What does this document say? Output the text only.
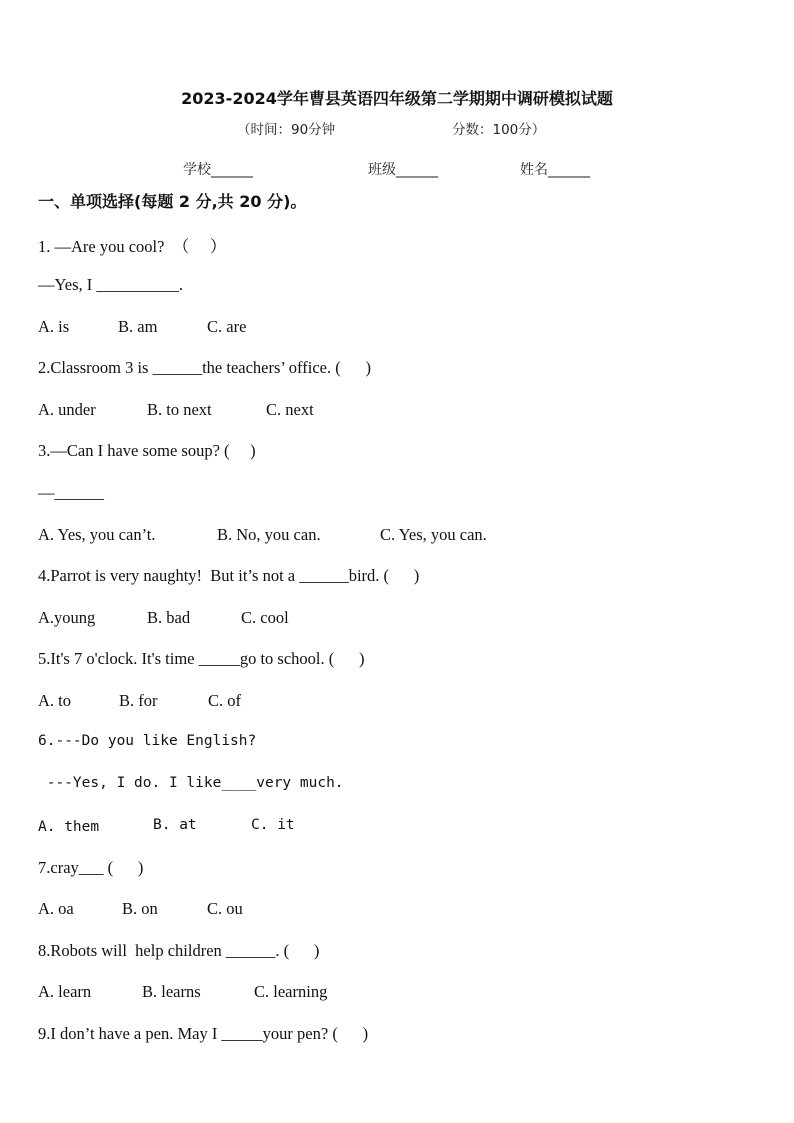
2023-2024学年曹县英语四年级第二学期期中调研模拟试题
（时间：90分钟	分数：100分）
学校______	班级______	姓名______
一、单项选择(每题 2 分,共 20 分)。
1. —Are you cool?  （     ）
—Yes, I __________.
A. is	B. am	C. are
2.Classroom 3 is ______the teachers’ office. (      )
A. under	B. to next	C. next
3.—Can I have some soup? (     )
—______
A. Yes, you can’t.	B. No, you can.	C. Yes, you can.
4.Parrot is very naughty!  But it’s not a ______bird. (      )
A.young	B. bad	C. cool
5.It's 7 o'clock. It's time _____go to school. (      )
A. to	B. for	C. of
6.---Do you like English?
---Yes, I do. I like____very much.
A. them	B. at	C. it
7.cray___ (      )
A. oa	B. on	C. ou
8.Robots will  help children ______. (      )
A. learn	B. learns	C. learning
9.I don’t have a pen. May I _____your pen? (      )
